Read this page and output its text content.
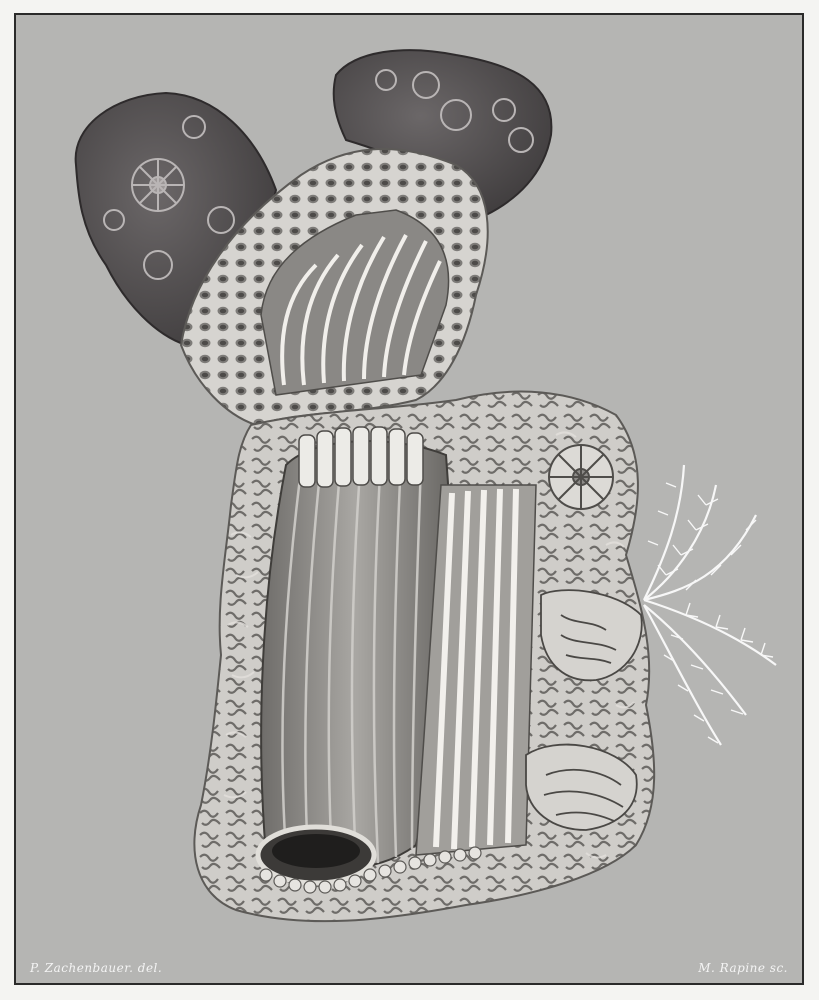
P. Zachenbauer. del.	M. Rapine sc.
